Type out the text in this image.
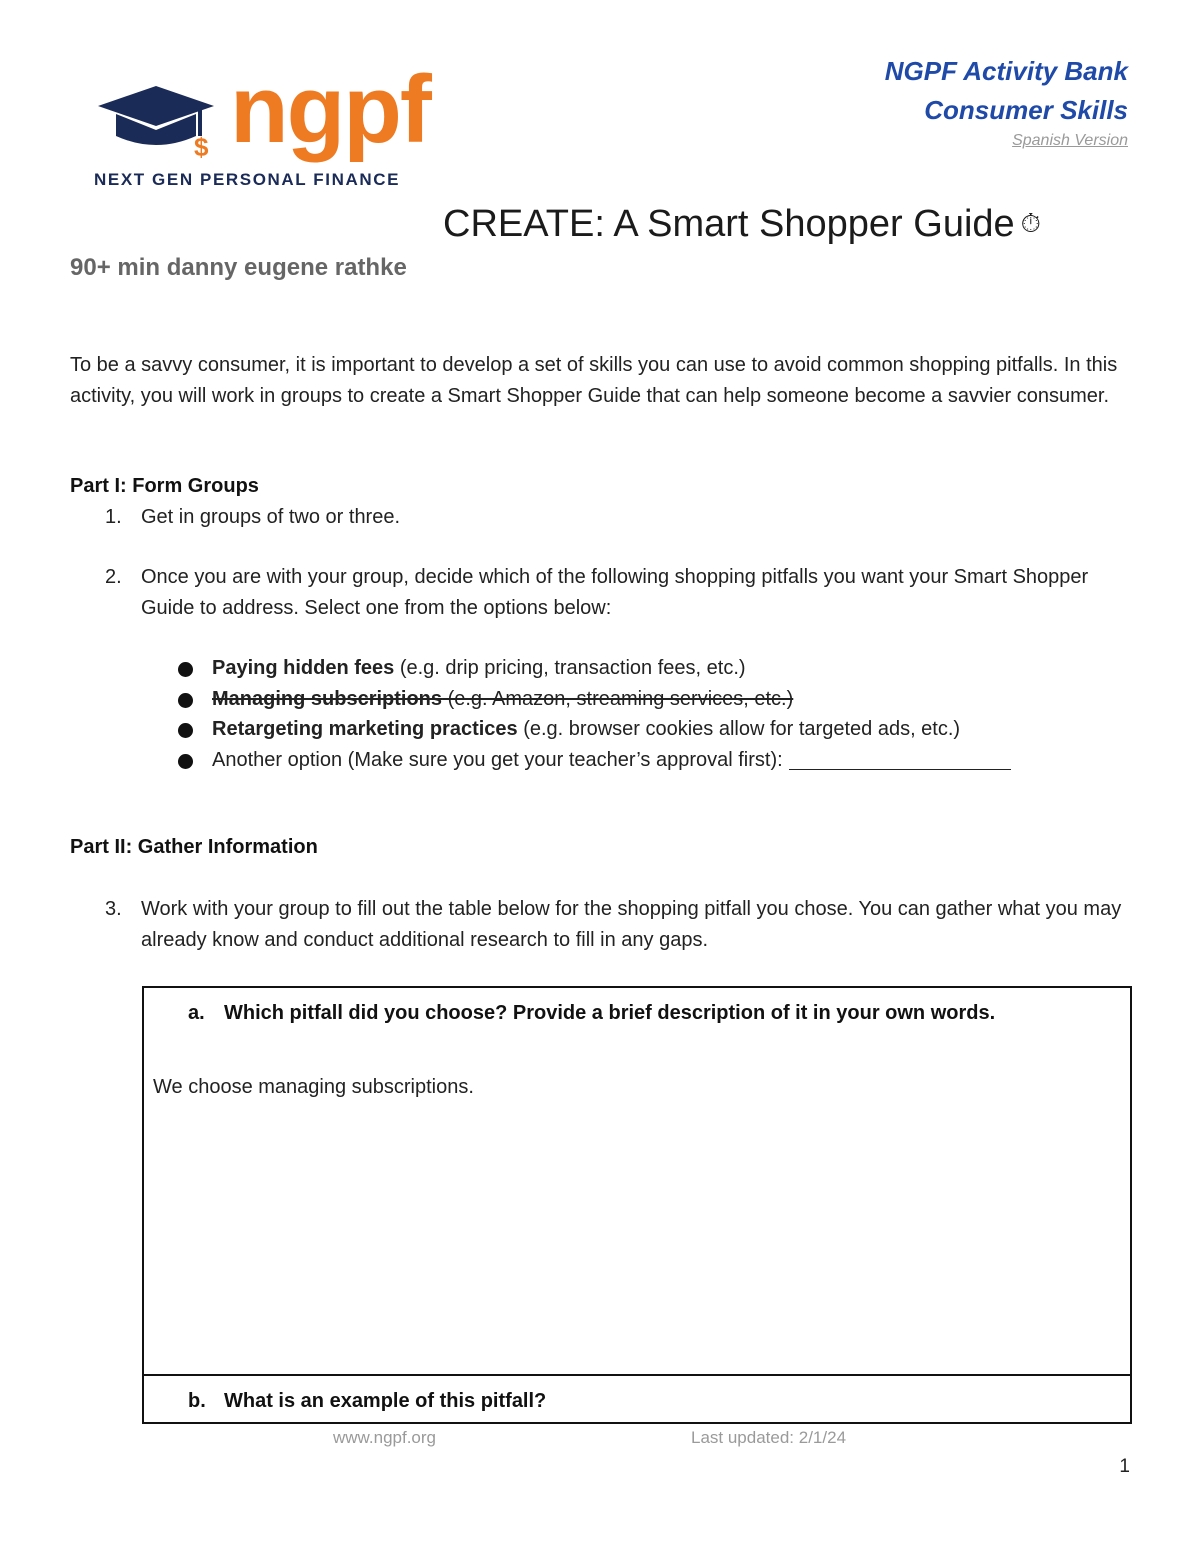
$ ngpf
NEXT GEN PERSONAL FINANCE
NGPF Activity Bank
Consumer Skills
Spanish Version
CREATE: A Smart Shopper Guide ⏱
90+ min danny eugene rathke
To be a savvy consumer, it is important to develop a set of skills you can use to avoid common shopping pitfalls. In this activity, you will work in groups to create a Smart Shopper Guide that can help someone become a savvier consumer.
Part I: Form Groups
1. Get in groups of two or three.
2. Once you are with your group, decide which of the following shopping pitfalls you want your Smart Shopper Guide to address. Select one from the options below:
Paying hidden fees (e.g. drip pricing, transaction fees, etc.)
Managing subscriptions (e.g. Amazon, streaming services, etc.)
Retargeting marketing practices (e.g. browser cookies allow for targeted ads, etc.)
Another option (Make sure you get your teacher’s approval first):
Part II: Gather Information
3. Work with your group to fill out the table below for the shopping pitfall you chose. You can gather what you may already know and conduct additional research to fill in any gaps.
a. Which pitfall did you choose? Provide a brief description of it in your own words.
We choose managing subscriptions.
b. What is an example of this pitfall?
www.ngpf.org	Last updated: 2/1/24
1
